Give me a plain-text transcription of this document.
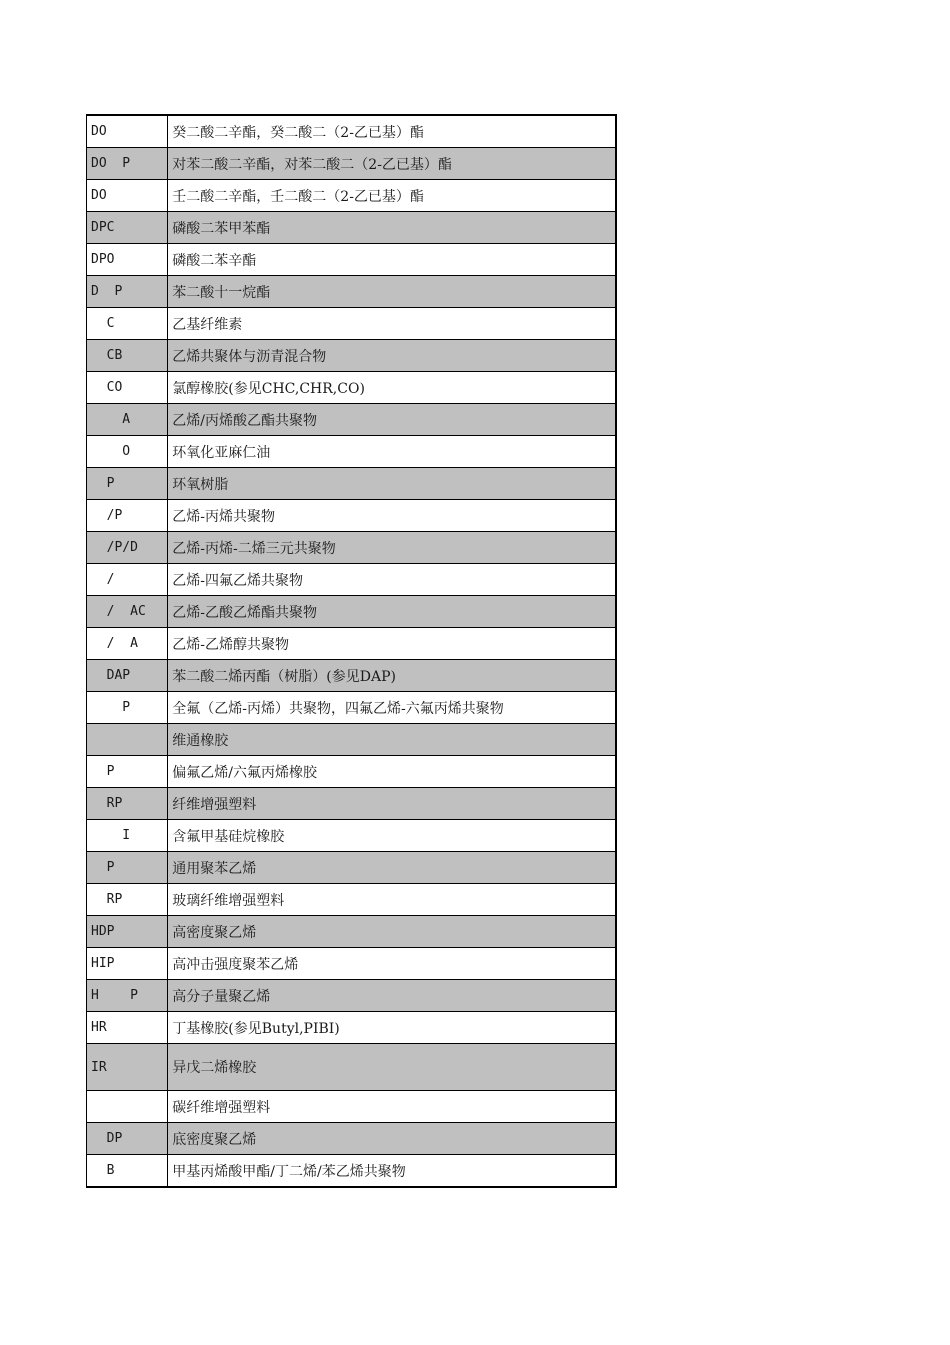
DO	癸二酸二辛酯，癸二酸二（2-乙已基）酯
DO  P	对苯二酸二辛酯，对苯二酸二（2-乙已基）酯
DO	壬二酸二辛酯，壬二酸二（2-乙已基）酯
DPC	磷酸二苯甲苯酯
DPO	磷酸二苯辛酯
D  P	苯二酸十一烷酯
C	乙基纤维素
CB	乙烯共聚体与沥青混合物
CO	氯醇橡胶(参见CHC,CHR,CO)
A	乙烯/丙烯酸乙酯共聚物
O	环氧化亚麻仁油
P	环氧树脂
/P	乙烯-丙烯共聚物
/P/D	乙烯-丙烯-二烯三元共聚物
/	乙烯-四氟乙烯共聚物
/  AC	乙烯-乙酸乙烯酯共聚物
/  A	乙烯-乙烯醇共聚物
DAP	苯二酸二烯丙酯（树脂）(参见DAP)
P	全氟（乙烯-丙烯）共聚物，四氟乙烯-六氟丙烯共聚物
	维通橡胶
P	偏氟乙烯/六氟丙烯橡胶
RP	纤维增强塑料
I	含氟甲基硅烷橡胶
P	通用聚苯乙烯
RP	玻璃纤维增强塑料
HDP	高密度聚乙烯
HIP	高冲击强度聚苯乙烯
H    P	高分子量聚乙烯
HR	丁基橡胶(参见Butyl,PIBI)
IR	异戊二烯橡胶
	碳纤维增强塑料
DP	底密度聚乙烯
B	甲基丙烯酸甲酯/丁二烯/苯乙烯共聚物
